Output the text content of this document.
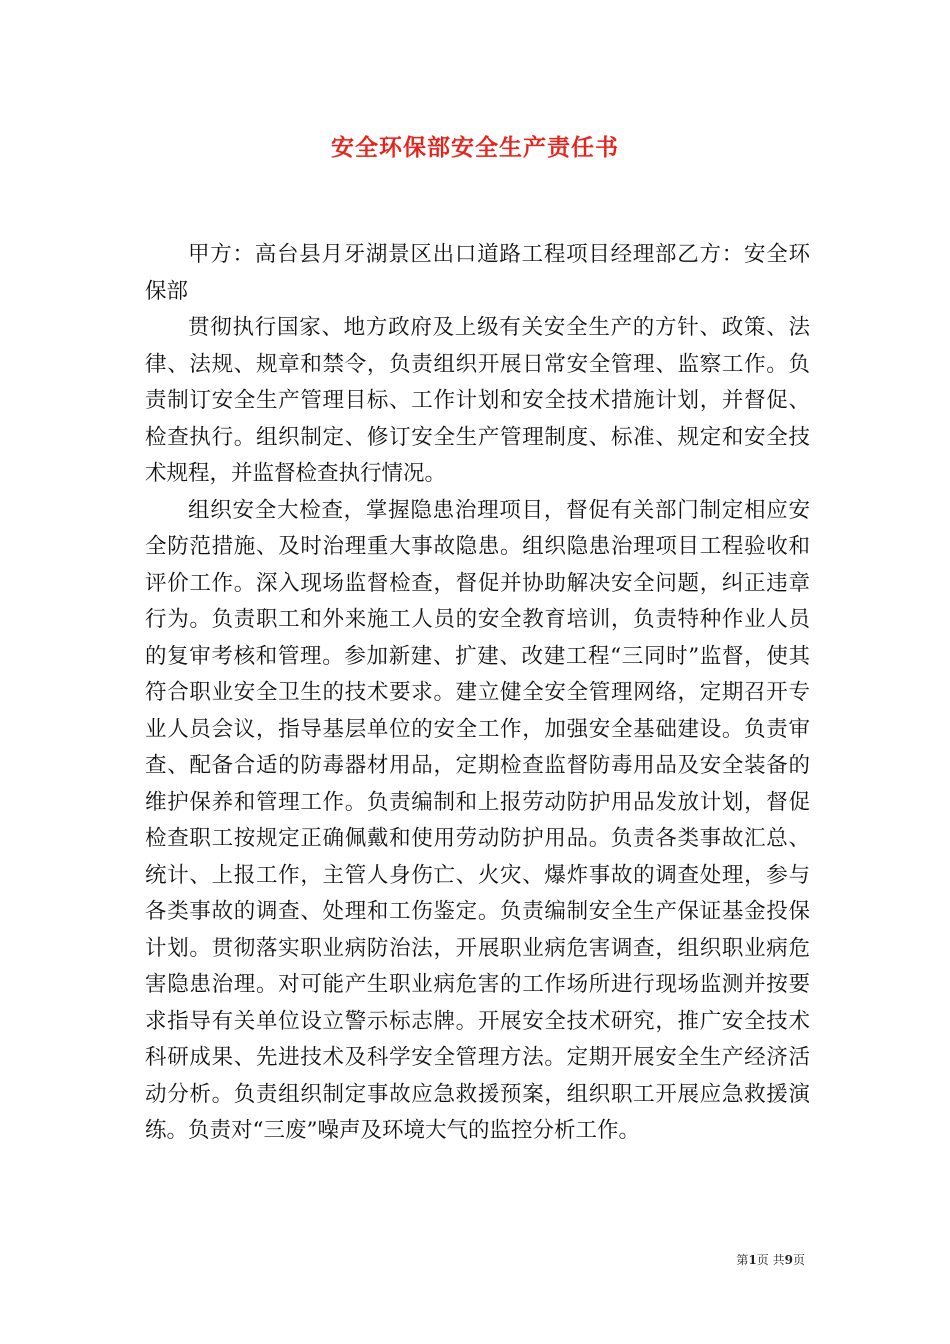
安全环保部安全生产责任书

甲方：高台县月牙湖景区出口道路工程项目经理部乙方：安全环保部

贯彻执行国家、地方政府及上级有关安全生产的方针、政策、法律、法规、规章和禁令，负责组织开展日常安全管理、监察工作。负责制订安全生产管理目标、工作计划和安全技术措施计划，并督促、检查执行。组织制定、修订安全生产管理制度、标准、规定和安全技术规程，并监督检查执行情况。

组织安全大检查，掌握隐患治理项目，督促有关部门制定相应安全防范措施、及时治理重大事故隐患。组织隐患治理项目工程验收和评价工作。深入现场监督检查，督促并协助解决安全问题，纠正违章行为。负责职工和外来施工人员的安全教育培训，负责特种作业人员的复审考核和管理。参加新建、扩建、改建工程“三同时”监督，使其符合职业安全卫生的技术要求。建立健全安全管理网络，定期召开专业人员会议，指导基层单位的安全工作，加强安全基础建设。负责审查、配备合适的防毒器材用品，定期检查监督防毒用品及安全装备的维护保养和管理工作。负责编制和上报劳动防护用品发放计划，督促检查职工按规定正确佩戴和使用劳动防护用品。负责各类事故汇总、统计、上报工作，主管人身伤亡、火灾、爆炸事故的调查处理，参与各类事故的调查、处理和工伤鉴定。负责编制安全生产保证基金投保计划。贯彻落实职业病防治法，开展职业病危害调查，组织职业病危害隐患治理。对可能产生职业病危害的工作场所进行现场监测并按要求指导有关单位设立警示标志牌。开展安全技术研究，推广安全技术科研成果、先进技术及科学安全管理方法。定期开展安全生产经济活动分析。负责组织制定事故应急救援预案，组织职工开展应急救援演练。负责对“三废”噪声及环境大气的监控分析工作。

第1页 共9页
